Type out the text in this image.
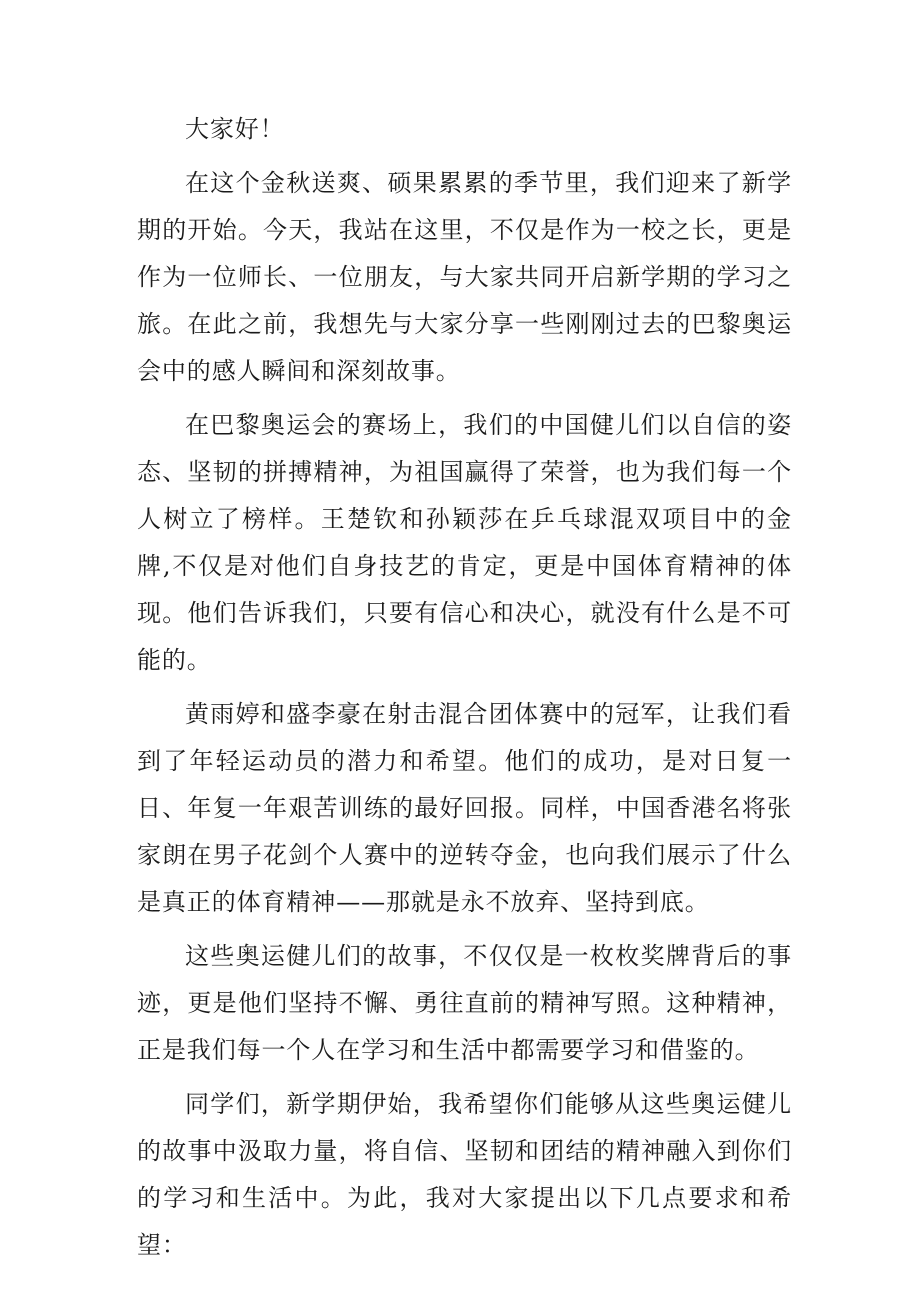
大家好！

在这个金秋送爽、硕果累累的季节里，我们迎来了新学期的开始。今天，我站在这里，不仅是作为一校之长，更是作为一位师长、一位朋友，与大家共同开启新学期的学习之旅。在此之前，我想先与大家分享一些刚刚过去的巴黎奥运会中的感人瞬间和深刻故事。

在巴黎奥运会的赛场上，我们的中国健儿们以自信的姿态、坚韧的拼搏精神，为祖国赢得了荣誉，也为我们每一个人树立了榜样。王楚钦和孙颖莎在乒乓球混双项目中的金牌,不仅是对他们自身技艺的肯定，更是中国体育精神的体现。他们告诉我们，只要有信心和决心，就没有什么是不可能的。

黄雨婷和盛李豪在射击混合团体赛中的冠军，让我们看到了年轻运动员的潜力和希望。他们的成功，是对日复一日、年复一年艰苦训练的最好回报。同样，中国香港名将张家朗在男子花剑个人赛中的逆转夺金，也向我们展示了什么是真正的体育精神——那就是永不放弃、坚持到底。

这些奥运健儿们的故事，不仅仅是一枚枚奖牌背后的事迹，更是他们坚持不懈、勇往直前的精神写照。这种精神，正是我们每一个人在学习和生活中都需要学习和借鉴的。

同学们，新学期伊始，我希望你们能够从这些奥运健儿的故事中汲取力量，将自信、坚韧和团结的精神融入到你们的学习和生活中。为此，我对大家提出以下几点要求和希望：
